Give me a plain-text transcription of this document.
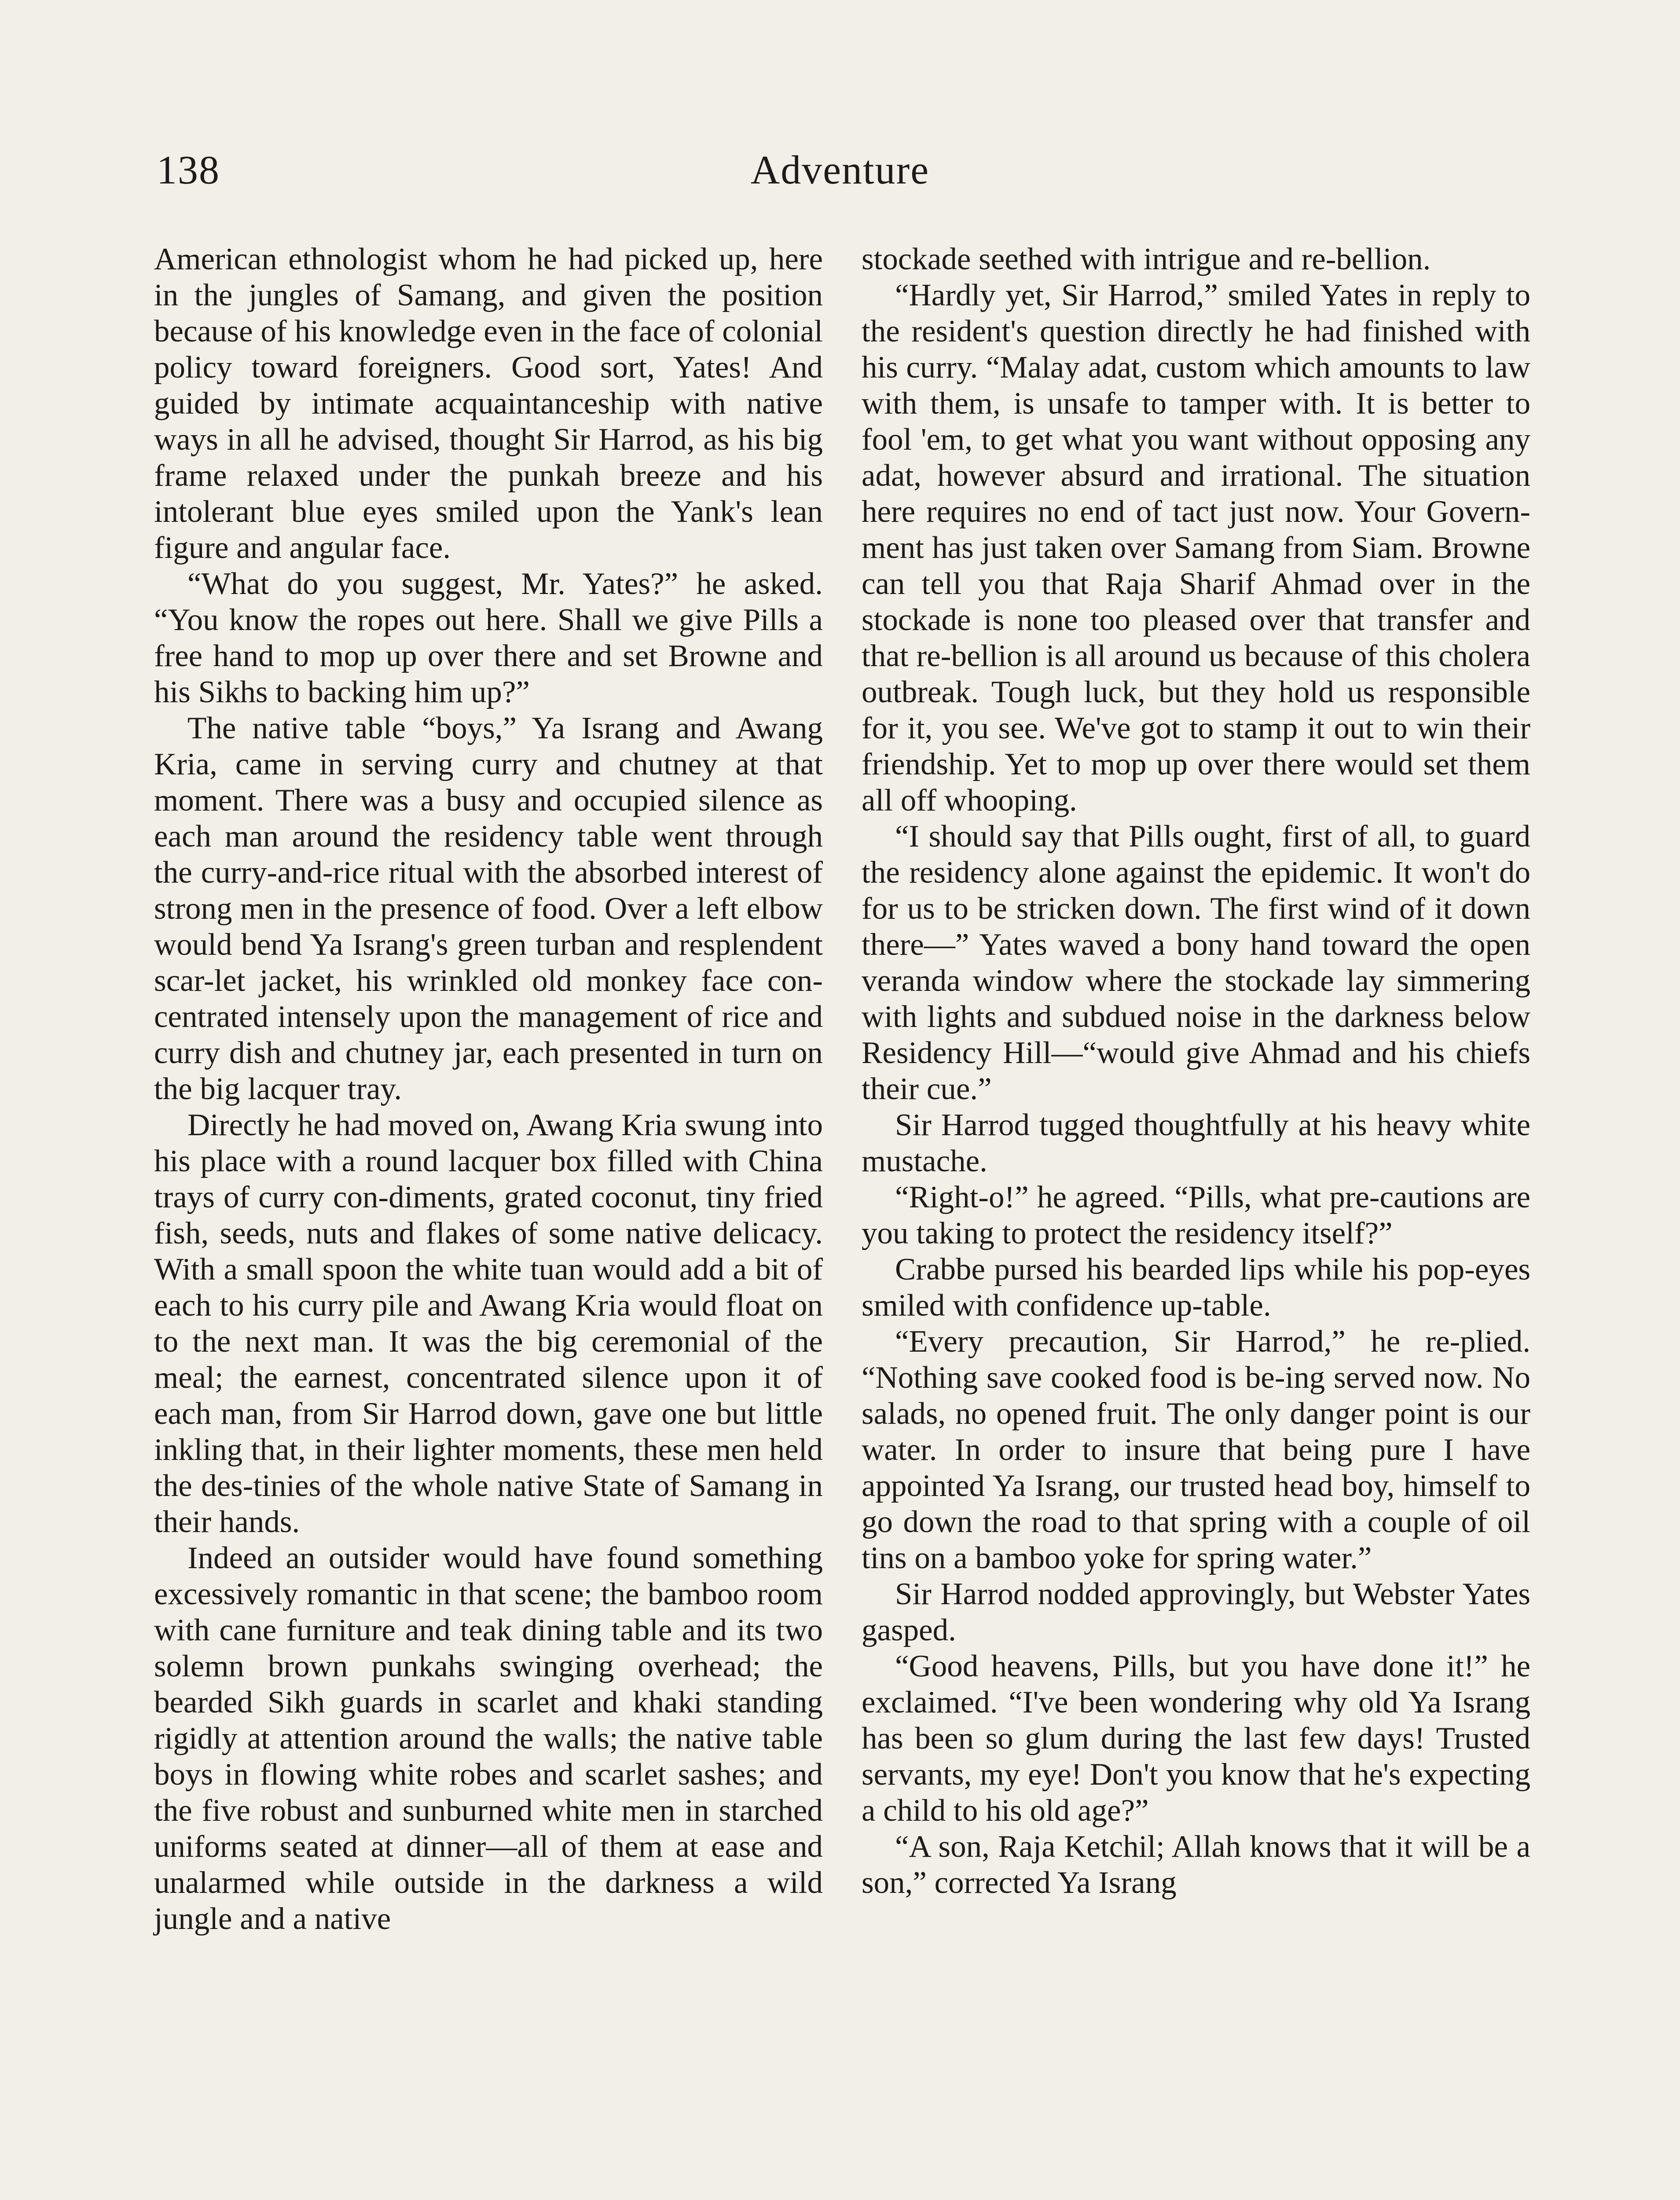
138	Adventure

American ethnologist whom he had picked up, here in the jungles of Samang, and given the position because of his knowledge even in the face of colonial policy toward foreigners. Good sort, Yates! And guided by intimate acquaintanceship with native ways in all he advised, thought Sir Harrod, as his big frame relaxed under the punkah breeze and his intolerant blue eyes smiled upon the Yank's lean figure and angular face.

“What do you suggest, Mr. Yates?” he asked. “You know the ropes out here. Shall we give Pills a free hand to mop up over there and set Browne and his Sikhs to backing him up?”

The native table “boys,” Ya Israng and Awang Kria, came in serving curry and chutney at that moment. There was a busy and occupied silence as each man around the residency table went through the curry-and-rice ritual with the absorbed interest of strong men in the presence of food. Over a left elbow would bend Ya Israng's green turban and resplendent scar-let jacket, his wrinkled old monkey face con-centrated intensely upon the management of rice and curry dish and chutney jar, each presented in turn on the big lacquer tray.

Directly he had moved on, Awang Kria swung into his place with a round lacquer box filled with China trays of curry con-diments, grated coconut, tiny fried fish, seeds, nuts and flakes of some native delicacy. With a small spoon the white tuan would add a bit of each to his curry pile and Awang Kria would float on to the next man. It was the big ceremonial of the meal; the earnest, concentrated silence upon it of each man, from Sir Harrod down, gave one but little inkling that, in their lighter moments, these men held the des-tinies of the whole native State of Samang in their hands.

Indeed an outsider would have found something excessively romantic in that scene; the bamboo room with cane furniture and teak dining table and its two solemn brown punkahs swinging overhead; the bearded Sikh guards in scarlet and khaki standing rigidly at attention around the walls; the native table boys in flowing white robes and scarlet sashes; and the five robust and sunburned white men in starched uniforms seated at dinner—all of them at ease and unalarmed while outside in the darkness a wild jungle and a native

stockade seethed with intrigue and re-bellion.

“Hardly yet, Sir Harrod,” smiled Yates in reply to the resident's question directly he had finished with his curry. “Malay adat, custom which amounts to law with them, is unsafe to tamper with. It is better to fool 'em, to get what you want without opposing any adat, however absurd and irrational. The situation here requires no end of tact just now. Your Govern-ment has just taken over Samang from Siam. Browne can tell you that Raja Sharif Ahmad over in the stockade is none too pleased over that transfer and that re-bellion is all around us because of this cholera outbreak. Tough luck, but they hold us responsible for it, you see. We've got to stamp it out to win their friendship. Yet to mop up over there would set them all off whooping.

“I should say that Pills ought, first of all, to guard the residency alone against the epidemic. It won't do for us to be stricken down. The first wind of it down there—” Yates waved a bony hand toward the open veranda window where the stockade lay simmering with lights and subdued noise in the darkness below Residency Hill—“would give Ahmad and his chiefs their cue.”

Sir Harrod tugged thoughtfully at his heavy white mustache.

“Right-o!” he agreed. “Pills, what pre-cautions are you taking to protect the residency itself?”

Crabbe pursed his bearded lips while his pop-eyes smiled with confidence up-table.

“Every precaution, Sir Harrod,” he re-plied. “Nothing save cooked food is be-ing served now. No salads, no opened fruit. The only danger point is our water. In order to insure that being pure I have appointed Ya Israng, our trusted head boy, himself to go down the road to that spring with a couple of oil tins on a bamboo yoke for spring water.”

Sir Harrod nodded approvingly, but Webster Yates gasped.

“Good heavens, Pills, but you have done it!” he exclaimed. “I've been wondering why old Ya Israng has been so glum during the last few days! Trusted servants, my eye! Don't you know that he's expecting a child to his old age?”

“A son, Raja Ketchil; Allah knows that it will be a son,” corrected Ya Israng
